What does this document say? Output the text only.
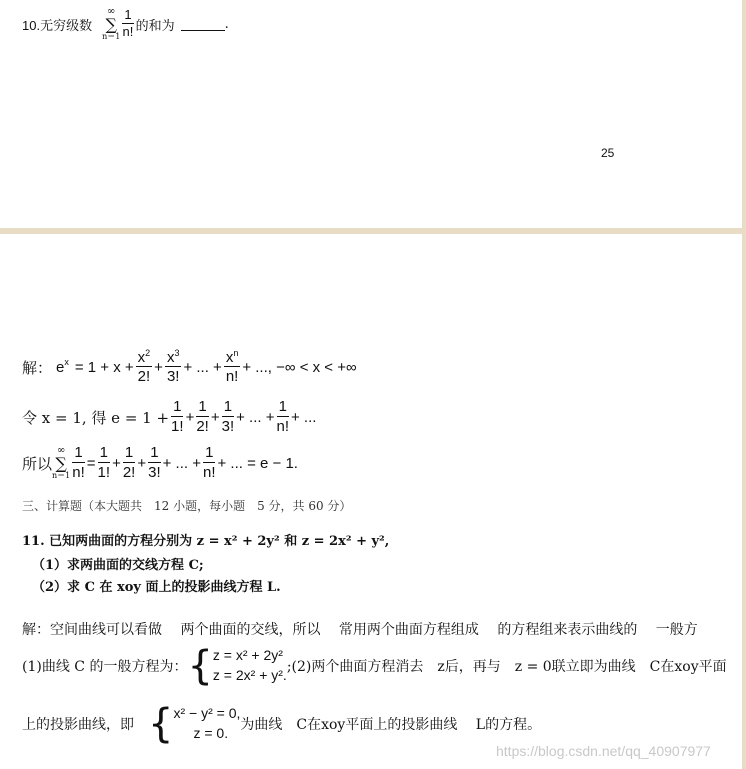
10.无穷级数
∞
∑
$n=1 \frac{1}{n!}$ 的和为	.
25
解： $e^x = 1 + x + \frac{x^2}{2!} + \frac{x^3}{3!}$ + ... + $\frac{x^n}{n!}$ + ..., −∞ < x < +∞
令 x = 1, 得 $e = 1 + \frac{1}{1!} + \frac{1}{2!} + \frac{1}{3!}$ + ... + $\frac{1}{n!}$ + ...
所以
∞
∑
$n=1 \frac{1}{n!} = \frac{1}{1!} + \frac{1}{2!} + \frac{1}{3!}$ + ... + $\frac{1}{n!}$ + ... = e − 1.
三、计算题（本大题共　12 小题，每小题　5 分，共 60 分）
11. 已知两曲面的方程分别为 z = x² + 2y² 和 z = 2x² + y²,
（1）求两曲面的交线方程 C;
（2）求 C 在 xoy 面上的投影曲线方程 L.
解：空间曲线可以看做　 两个曲面的交线，所以　 常用两个曲面方程组成　 的方程组来表示曲线的　 一般方
(1)曲线 C 的一般方程为： { z = x² + 2y²
z = 2x² + y². ;(2)两个曲面方程消去　z后，再与　z = 0联立即为曲线　C在xoy平面
上的投影曲线，即 { x² − y² = 0,
z = 0. 为曲线　C在xoy平面上的投影曲线　 L的方程。
https://blog.csdn.net/qq_40907977
